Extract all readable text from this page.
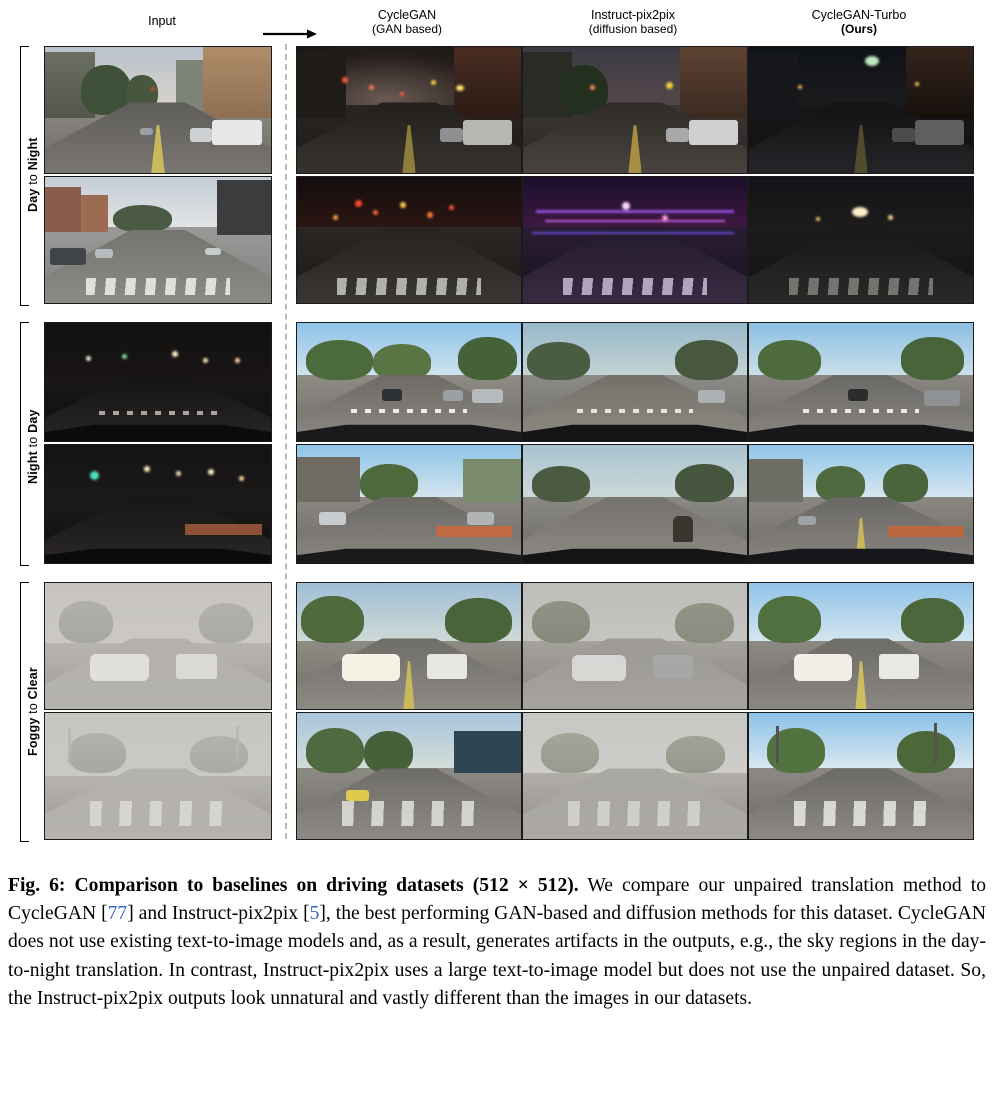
Input	CycleGAN
(GAN based)
Instruct-pix2pix
(diffusion based)
CycleGAN-Turbo
(Ours)
Day to Night
Night to Day
Foggy to Clear
Fig. 6: Comparison to baselines on driving datasets (512 × 512). We compare our unpaired translation method to CycleGAN [77] and Instruct-pix2pix [5], the best performing GAN-based and diffusion methods for this dataset. CycleGAN does not use existing text-to-image models and, as a result, generates artifacts in the outputs, e.g., the sky regions in the day-to-night translation. In contrast, Instruct-pix2pix uses a large text-to-image model but does not use the unpaired dataset. So, the Instruct-pix2pix outputs look unnatural and vastly different than the images in our datasets.
